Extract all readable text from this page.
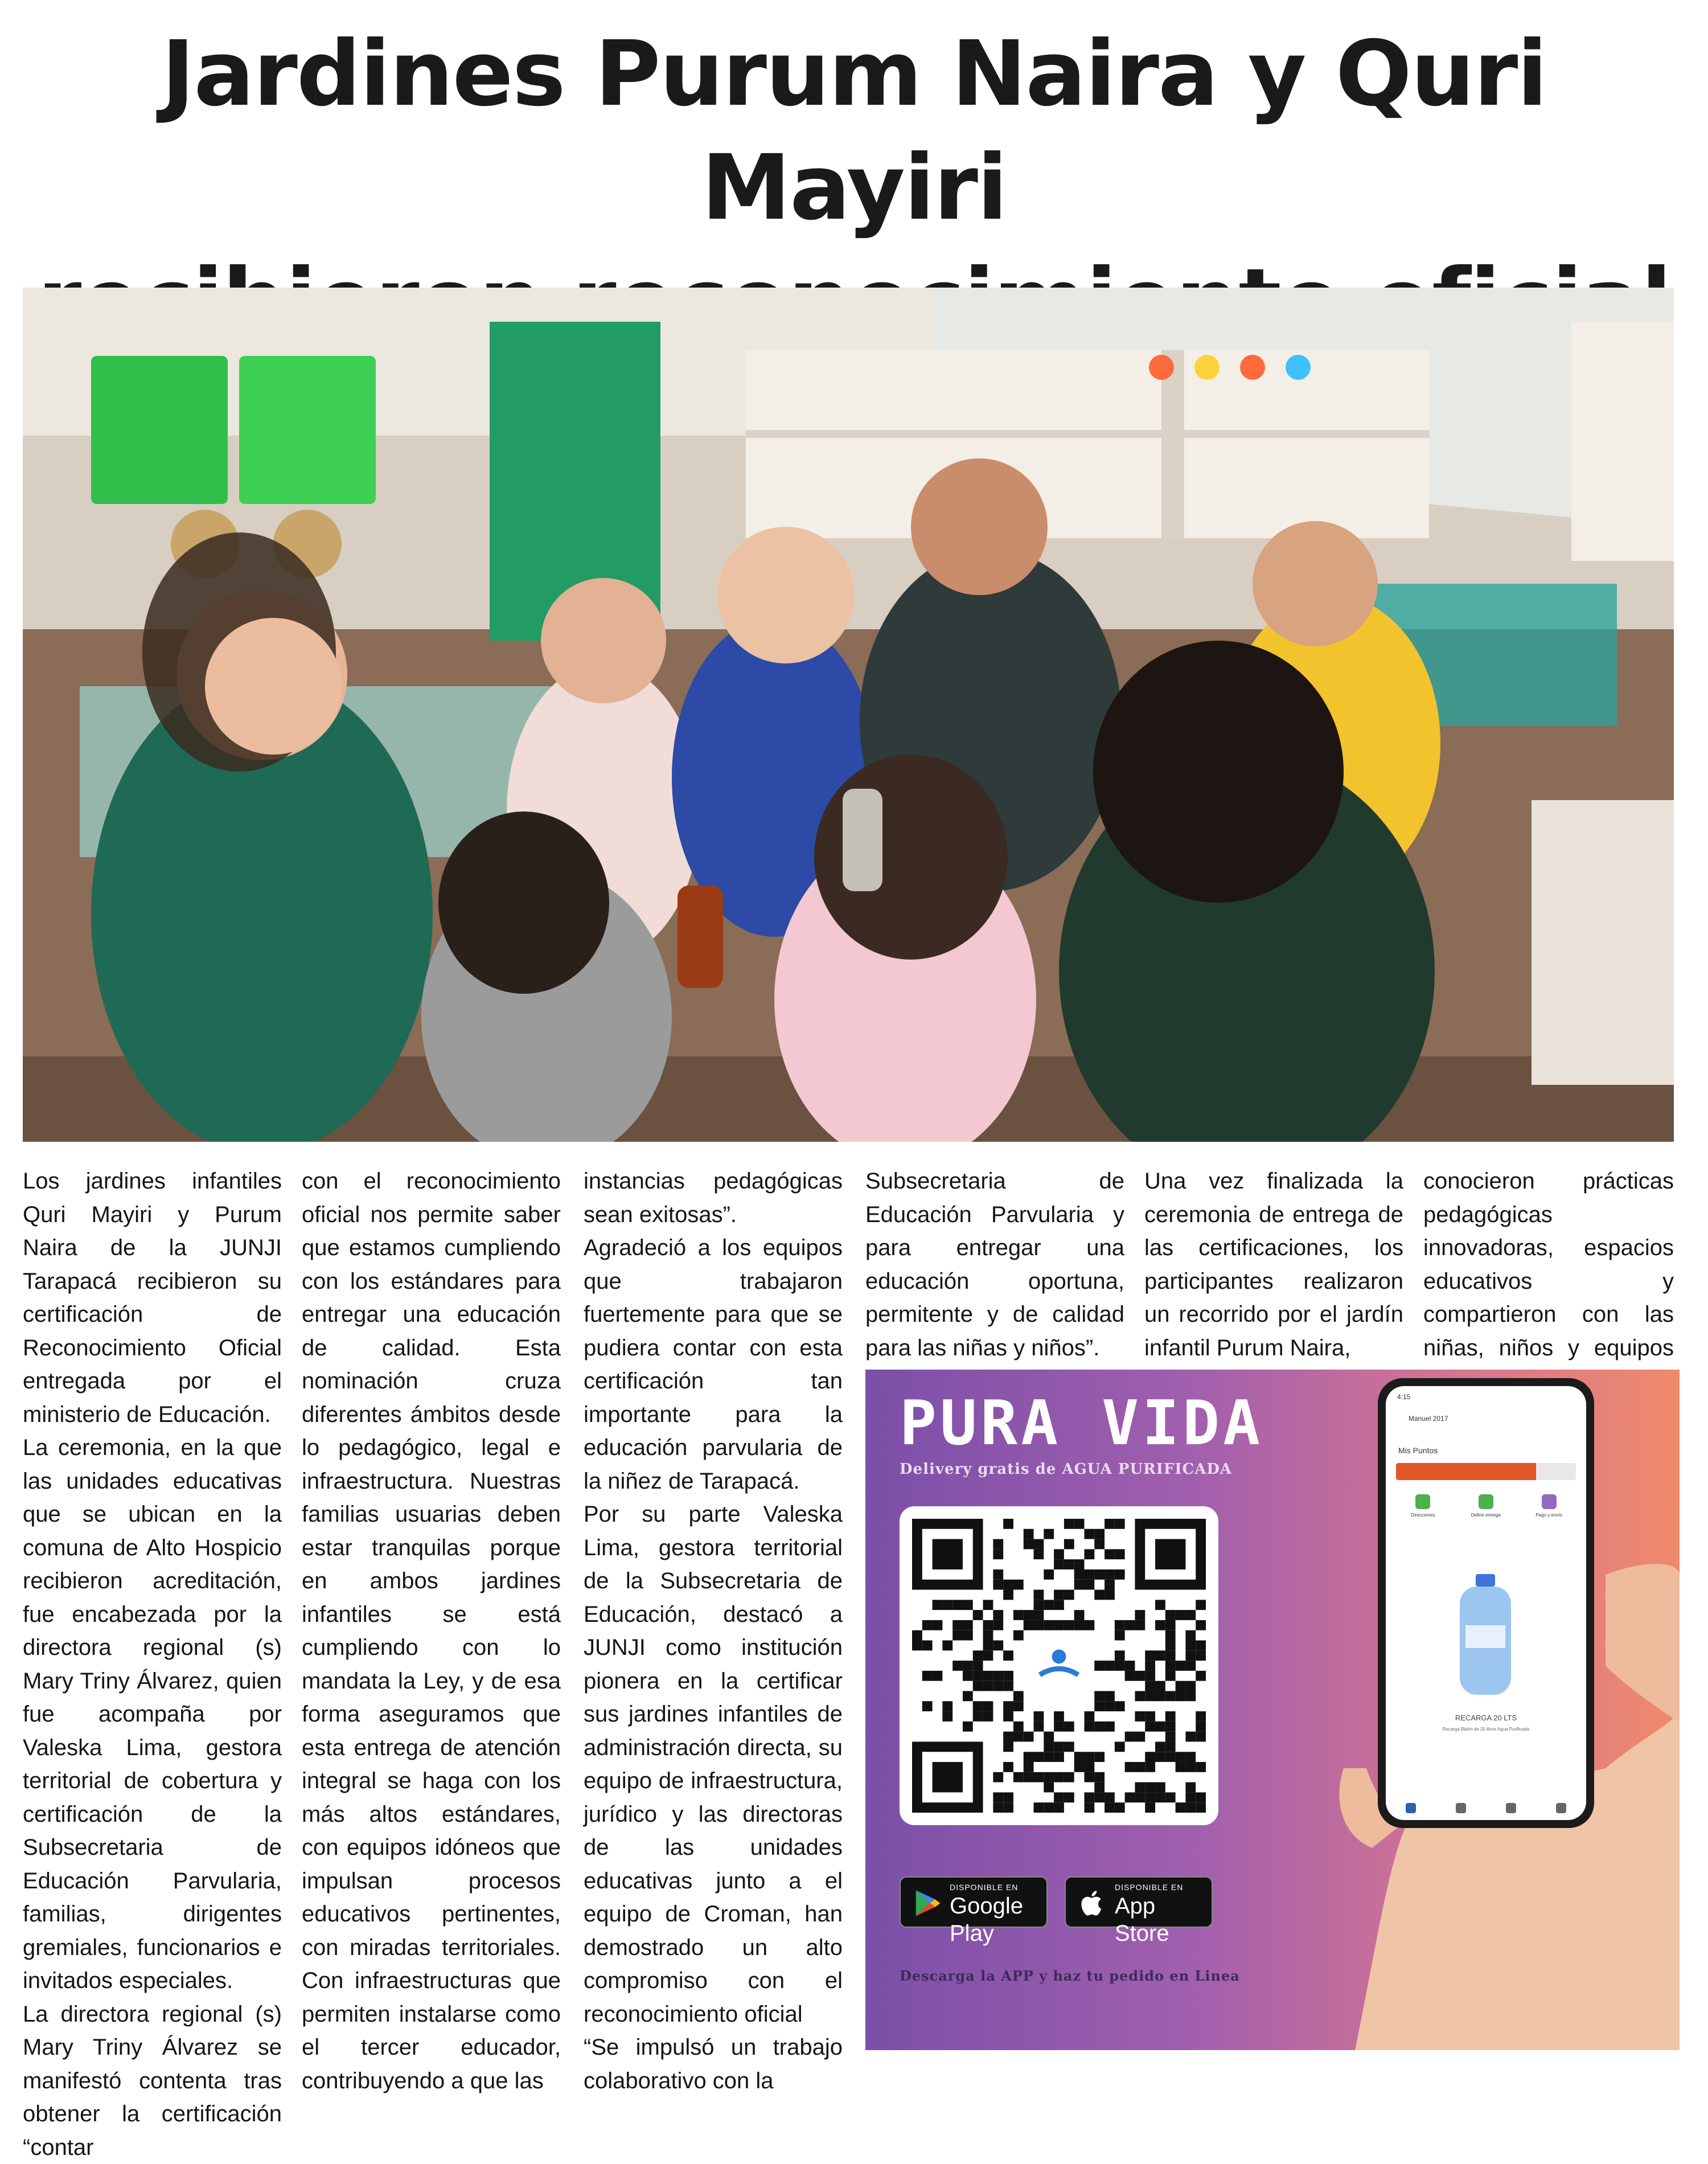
Jardines Purum Naira y Quri Mayiri

Los jardines infantiles Quri Mayiri y Purum Naira de la JUNJI Tarapacá recibieron su certificación de Reconocimiento Oficial entregada por el ministerio de Educación.

La ceremonia, en la que las unidades educativas que se ubican en la comuna de Alto Hospicio recibieron acreditación, fue encabezada por la directora regional (s) Mary Triny Álvarez, quien fue acompaña por Valeska Lima, gestora territorial de cobertura y certificación de la Subsecretaria de Educación Parvularia, familias, dirigentes gremiales, funcionarios e invitados especiales.

La directora regional (s) Mary Triny Álvarez se manifestó contenta tras obtener la certificación “contar

con el reconocimiento oficial nos permite saber que estamos cumpliendo con los estándares para entregar una educación de calidad. Esta nominación cruza diferentes ámbitos desde lo pedagógico, legal e infraestructura. Nuestras familias usuarias deben estar tranquilas porque en ambos jardines infantiles se está cumpliendo con lo mandata la Ley, y de esa forma aseguramos que esta entrega de atención integral se haga con los más altos estándares, con equipos idóneos que impulsan procesos educativos pertinentes, con miradas territoriales. Con infraestructuras que permiten instalarse como el tercer educador, contribuyendo a que las

instancias pedagógicas sean exitosas”.

Agradeció a los equipos que trabajaron fuertemente para que se pudiera contar con esta certificación tan importante para la educación parvularia de la niñez de Tarapacá.

Por su parte Valeska Lima, gestora territorial de la Subsecretaria de Educación, destacó a JUNJI como institución pionera en la certificar sus jardines infantiles de administración directa, su equipo de infraestructura, jurídico y las directoras de las unidades educativas junto a el equipo de Croman, han demostrado un alto compromiso con el reconocimiento oficial

“Se impulsó un trabajo colaborativo con la

Subsecretaria de Educación Parvularia y para entregar una educación oportuna, permitente y de calidad para las niñas y niños”.

Una vez finalizada la ceremonia de entrega de las certificaciones, los participantes realizaron un recorrido por el jardín infantil Purum Naira,

conocieron prácticas pedagógicas innovadoras, espacios educativos y compartieron con las niñas, niños y equipos

PURA VIDA
Delivery gratis de AGUA PURIFICADA
DISPONIBLE EN
Google Play
DISPONIBLE EN
App Store
Descarga la APP y haz tu pedido en Linea
4:15
Manuel 2017
Mis Puntos
Direcciones	Definir entrega	Pago y envío
RECARGA 20 LTS
Recarga Bidón de 20 litros Agua Purificada
